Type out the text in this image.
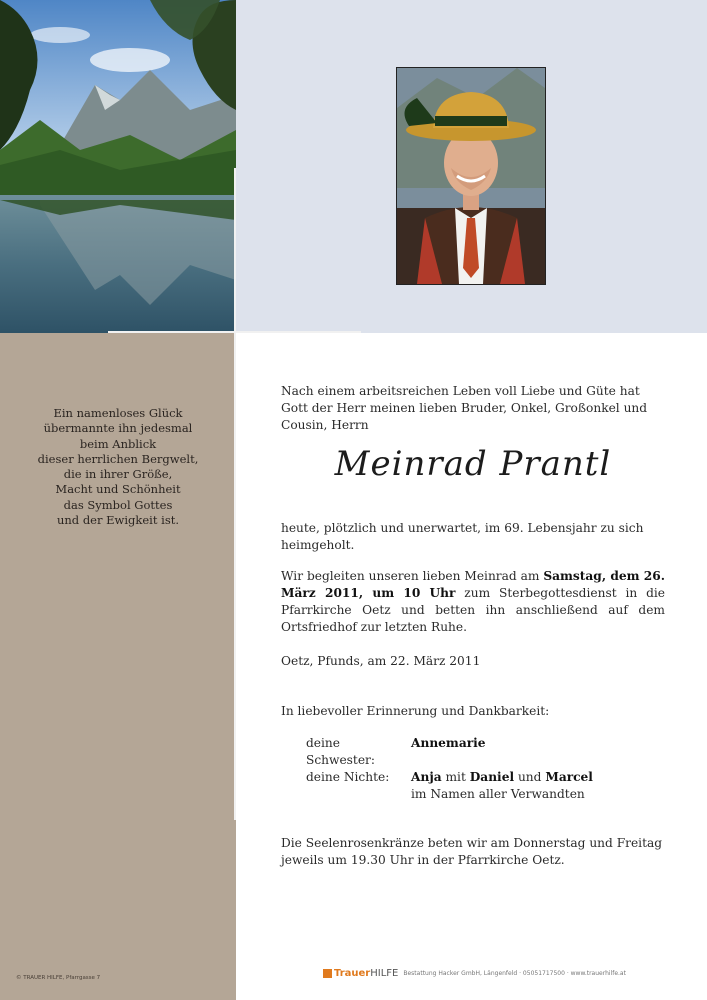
Ein namenloses Glück
übermannte ihn jedesmal
beim Anblick
dieser herrlichen Bergwelt,
die in ihrer Größe,
Macht und Schönheit
das Symbol Gottes
und der Ewigkeit ist.
Nach einem arbeitsreichen Leben voll Liebe und Güte hat Gott der Herr meinen lieben Bruder, Onkel, Großonkel und Cousin, Herrn
Meinrad Prantl
heute, plötzlich und unerwartet, im 69. Lebensjahr zu sich heimgeholt.
Wir begleiten unseren lieben Meinrad am Samstag, dem 26. März 2011, um 10 Uhr zum Sterbegottesdienst in die Pfarrkirche Oetz und betten ihn anschließend auf dem Ortsfriedhof zur letzten Ruhe.
Oetz, Pfunds, am 22. März 2011
In liebevoller Erinnerung und Dankbarkeit:
deine Schwester:
Annemarie
deine Nichte:	Anja mit Daniel und Marcel
im Namen aller Verwandten
Die Seelenrosenkränze beten wir am Donnerstag und Freitag jeweils um 19.30 Uhr in der Pfarrkirche Oetz.
© TRAUER HILFE, Pfarrgasse 7	Trauer HILFE Bestattung Hacker GmbH, Längenfeld · 05051717500 · www.trauerhilfe.at
